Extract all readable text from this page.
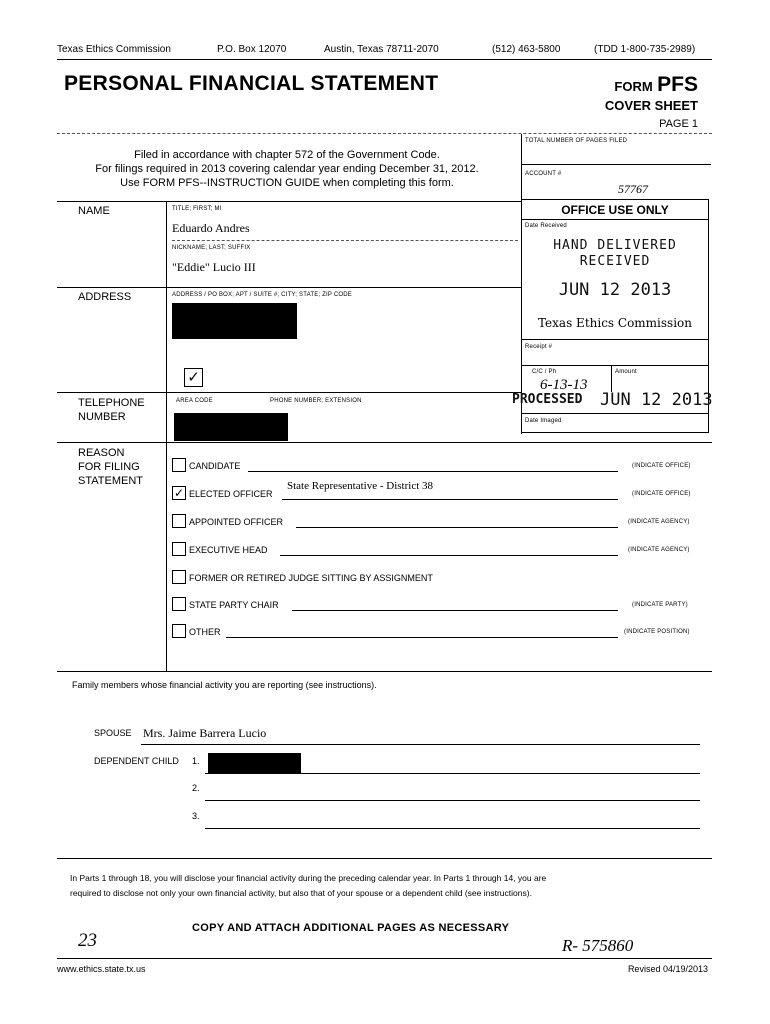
Texas Ethics Commission	P.O. Box 12070	Austin, Texas 78711-2070	(512) 463-5800	(TDD 1-800-735-2989)
PERSONAL FINANCIAL STATEMENT	FORM PFS
COVER SHEET
PAGE 1
Filed in accordance with chapter 572 of the Government Code.
For filings required in 2013 covering calendar year ending December 31, 2012.
Use FORM PFS--INSTRUCTION GUIDE when completing this form.
TOTAL NUMBER OF PAGES FILED
ACCOUNT #
57767
OFFICE USE ONLY
Date Received
HAND DELIVERED
RECEIVED
JUN 12 2013
Texas Ethics Commission
Receipt #
C/C / Ph	Amount
6-13-13
PROCESSED JUN 12 2013
Date Imaged
NAME	TITLE; FIRST; MI
Eduardo Andres
NICKNAME; LAST; SUFFIX
"Eddie" Lucio III
ADDRESS	ADDRESS / PO BOX; APT / SUITE #; CITY; STATE; ZIP CODE
✓
TELEPHONE
NUMBER
AREA CODE	PHONE NUMBER; EXTENSION
REASON
FOR FILING
STATEMENT
CANDIDATE	(INDICATE OFFICE)
✓ ELECTED OFFICER
State Representative - District 38
(INDICATE OFFICE)
APPOINTED OFFICER	(INDICATE AGENCY)
EXECUTIVE HEAD	(INDICATE AGENCY)
FORMER OR RETIRED JUDGE SITTING BY ASSIGNMENT
STATE PARTY CHAIR	(INDICATE PARTY)
OTHER	(INDICATE POSITION)
Family members whose financial activity you are reporting (see instructions).
SPOUSE Mrs. Jaime Barrera Lucio
DEPENDENT CHILD 1.
2.
3.
In Parts 1 through 18, you will disclose your financial activity during the preceding calendar year. In Parts 1 through 14, you are
required to disclose not only your own financial activity, but also that of your spouse or a dependent child (see instructions).
COPY AND ATTACH ADDITIONAL PAGES AS NECESSARY
23	R- 575860
www.ethics.state.tx.us	Revised 04/19/2013
